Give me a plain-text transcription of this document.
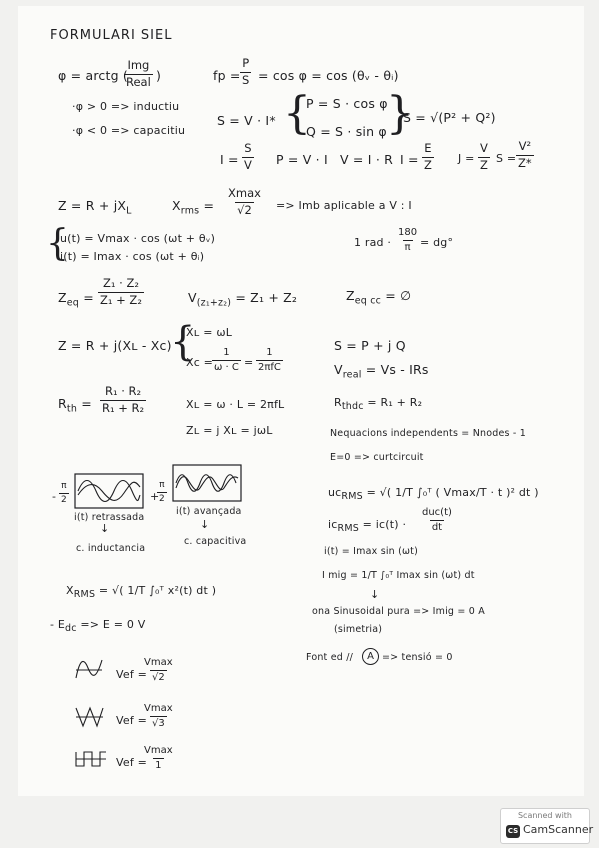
FORMULARI SIEL
φ = arctg (
Img
Real )
·φ > 0 => inductiu
·φ < 0 => capacitiu
fp = $\frac{P}{S} = \cos \varphi = \cos$ (θᵥ - θᵢ)
S = V · I* {
P = S · cos φ
Q = S · sin φ }
S = √(P² + Q²)
$I = \frac{S}{V}$ P = V · I V = I · R $I = \frac{E}{Z}$ $J = \frac{V}{Z}$ $S = \frac{\text{V²}}{Z*}$
$Z = R + jX_L$	$X_{rms}$ =
Xmax
√2 => Imb aplicable a V : I
{
u(t) = Vmax · cos (ωt + θᵥ)
i(t) = Imax · cos (ωt + θᵢ)
1 rad · $\frac{180}{\pi} = dg^\circ$
$Z_{eq} = \frac{\text{Z₁ · Z₂}}{\text{Z₁ + Z₂}}$	$V_{(z_1+z_2)} = Z_1 + Z_2$	$Z_{eq cc}$ = ∅
Z = R + j(Xʟ - Xc)
{
Xʟ = ωL
Xc =
$\frac{1}{\omega \cdot C}$ =
1
2πfC
S = P + j Q
$V_{real} = Vs$ - IRs
$R_{th} = \frac{\text{R₁ · R₂}}{\text{R₁ + R₂}}$	Xʟ = ω · L = 2πfL
Zʟ = j Xʟ = jωL
$R_{thdc} = R_1 + R_2$
Nequacions independents = Nnodes - 1
E=0 => curtcircuit
- $\frac{\pi}{2}$	+
$\frac{\pi}{2}$
i(t) retrassada
i(t) avançada
↓	↓
c. inductancia
c. capacitiva
$uc_{RMS}$ = √( 1/T ∫₀ᵀ ( Vmax/T · t )² dt )
$ic_{RMS} = ic(t)$ ·
duc(t)
dt
i(t) = Imax sin (ωt)
I mig = 1/T ∫₀ᵀ Imax sin (ωt) dt
↓
$X_{RMS}$ = √( 1/T ∫₀ᵀ x²(t) dt )
- $E_{dc} => E = 0$ V
ona Sinusoidal pura => Imig = 0 A
(simetria)
Font ed //	A => tensió = 0
Vef =
Vmax
√2
Vef =
Vmax
√3
Vef =
Vmax
1
Scanned with
CS CamScanner
